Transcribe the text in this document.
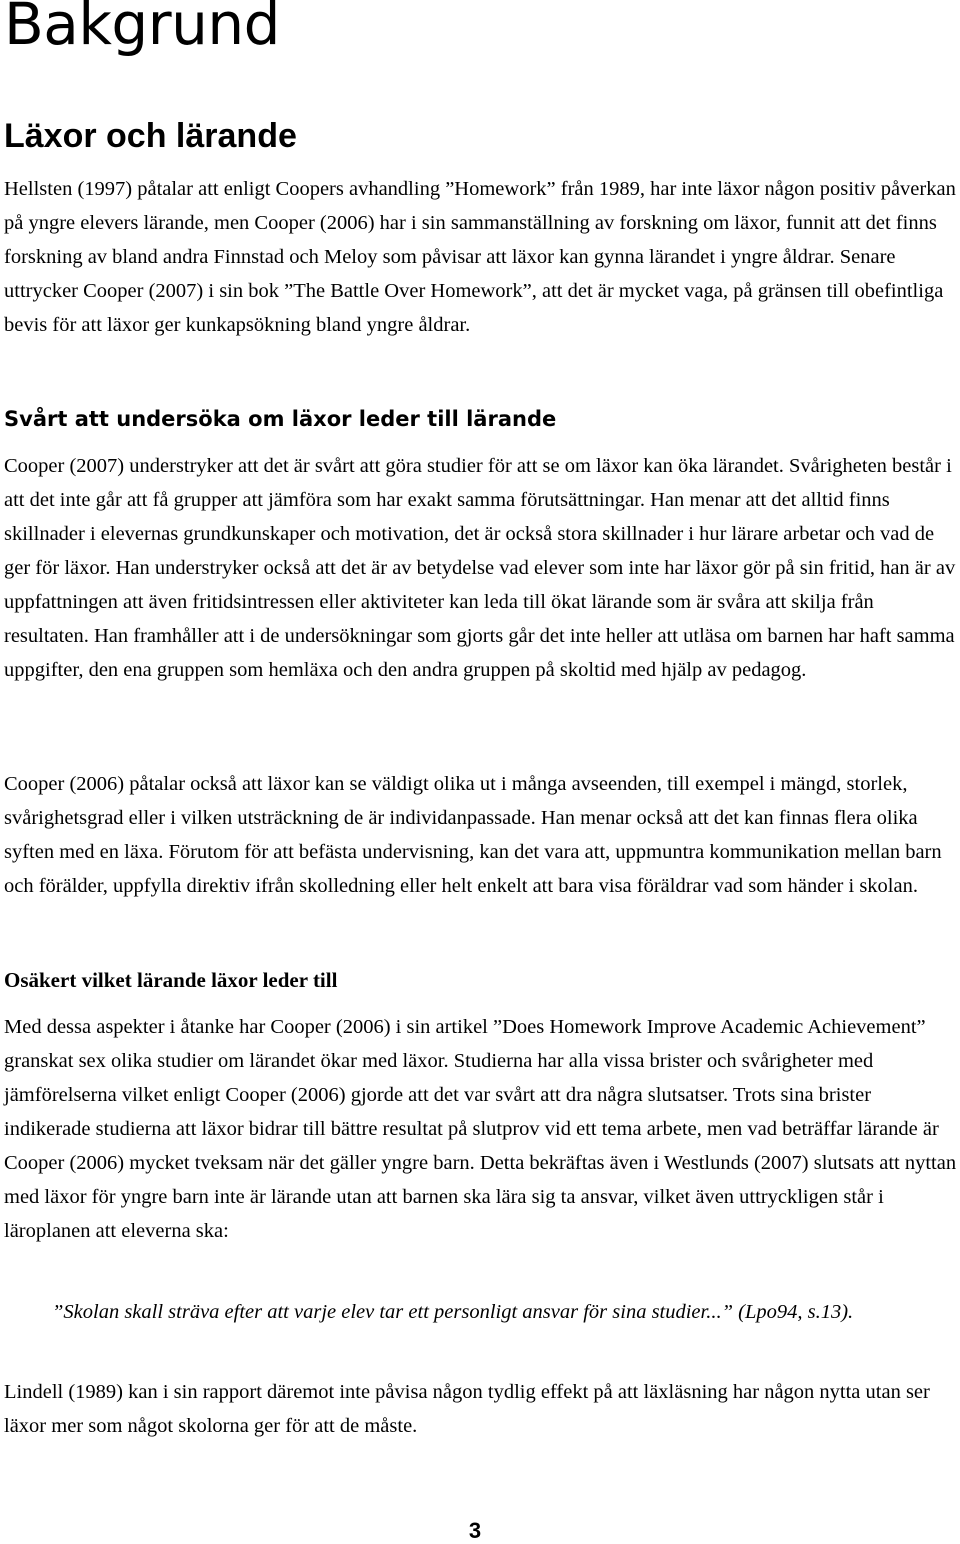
Bakgrund
Läxor och lärande

Hellsten (1997) påtalar att enligt Coopers avhandling ”Homework” från 1989, har inte läxor någon positiv påverkan på yngre elevers lärande, men Cooper (2006) har i sin sammanställning av forskning om läxor, funnit att det finns forskning av bland andra Finnstad och Meloy som påvisar att läxor kan gynna lärandet i yngre åldrar. Senare uttrycker Cooper (2007) i sin bok ”The Battle Over Homework”, att det är mycket vaga, på gränsen till obefintliga bevis för att läxor ger kunkapsökning bland yngre åldrar.

Svårt att undersöka om läxor leder till lärande

Cooper (2007) understryker att det är svårt att göra studier för att se om läxor kan öka lärandet. Svårigheten består i att det inte går att få grupper att jämföra som har exakt samma förutsättningar. Han menar att det alltid finns skillnader i elevernas grundkunskaper och motivation, det är också stora skillnader i hur lärare arbetar och vad de ger för läxor. Han understryker också att det är av betydelse vad elever som inte har läxor gör på sin fritid, han är av uppfattningen att även fritidsintressen eller aktiviteter kan leda till ökat lärande som är svåra att skilja från resultaten. Han framhåller att i de undersökningar som gjorts går det inte heller att utläsa om barnen har haft samma uppgifter, den ena gruppen som hemläxa och den andra gruppen på skoltid med hjälp av pedagog.

Cooper (2006) påtalar också att läxor kan se väldigt olika ut i många avseenden, till exempel i mängd, storlek, svårighetsgrad eller i vilken utsträckning de är individanpassade. Han menar också att det kan finnas flera olika syften med en läxa. Förutom för att befästa undervisning, kan det vara att, uppmuntra kommunikation mellan barn och förälder, uppfylla direktiv ifrån skolledning eller helt enkelt att bara visa föräldrar vad som händer i skolan.

Osäkert vilket lärande läxor leder till

Med dessa aspekter i åtanke har Cooper (2006) i sin artikel ”Does Homework Improve Academic Achievement” granskat sex olika studier om lärandet ökar med läxor. Studierna har alla vissa brister och svårigheter med jämförelserna vilket enligt Cooper (2006) gjorde att det var svårt att dra några slutsatser. Trots sina brister indikerade studierna att läxor bidrar till bättre resultat på slutprov vid ett tema arbete, men vad beträffar lärande är Cooper (2006) mycket tveksam när det gäller yngre barn. Detta bekräftas även i Westlunds (2007) slutsats att nyttan med läxor för yngre barn inte är lärande utan att barnen ska lära sig ta ansvar, vilket även uttryckligen står i läroplanen att eleverna ska:

”Skolan skall sträva efter att varje elev tar ett personligt ansvar för sina studier...” (Lpo94, s.13).

Lindell (1989) kan i sin rapport däremot inte påvisa någon tydlig effekt på att läxläsning har någon nytta utan ser läxor mer som något skolorna ger för att de måste.

3
